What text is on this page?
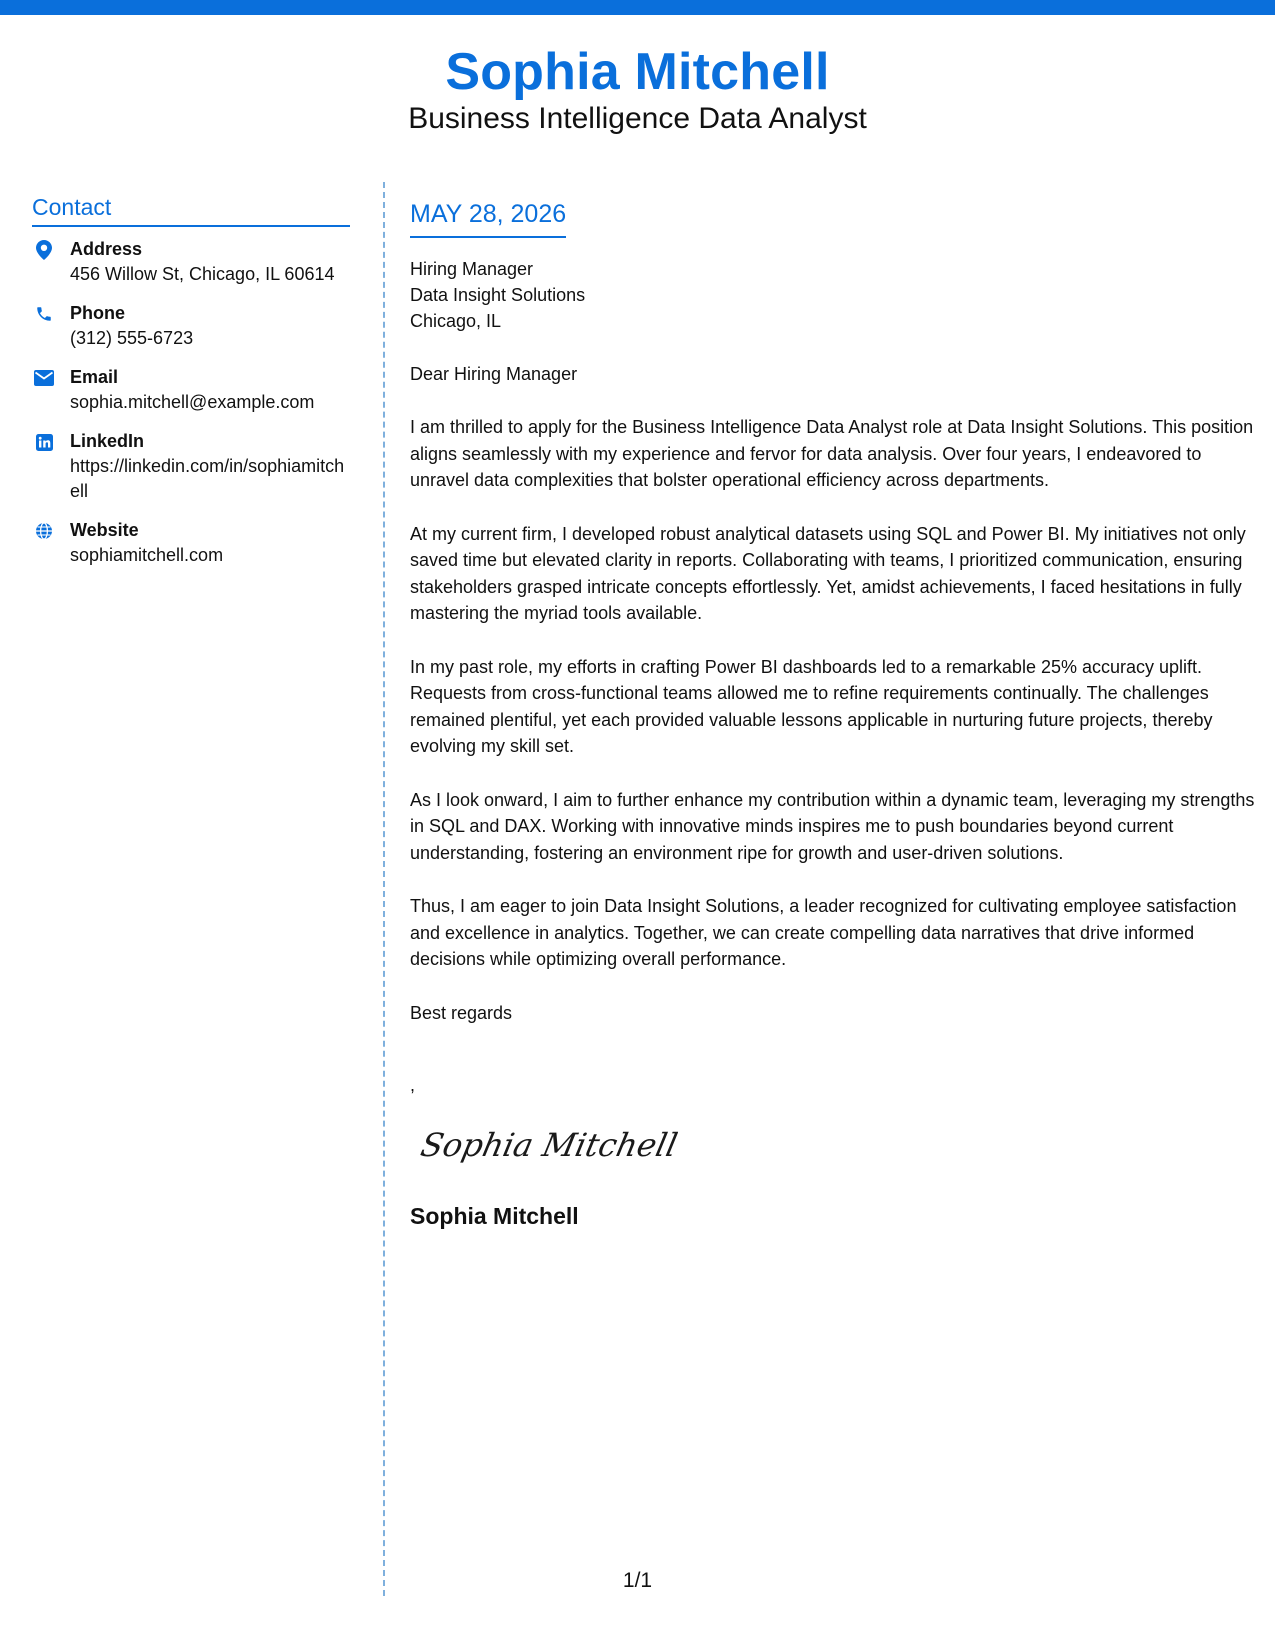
Sophia Mitchell
Business Intelligence Data Analyst
Contact
Address
456 Willow St, Chicago, IL 60614
Phone
(312) 555-6723
Email
sophia.mitchell@example.com
LinkedIn
https://linkedin.com/in/sophiamitchell
Website
sophiamitchell.com
MAY 28, 2026
Hiring Manager
Data Insight Solutions
Chicago, IL
Dear Hiring Manager
I am thrilled to apply for the Business Intelligence Data Analyst role at Data Insight Solutions. This position aligns seamlessly with my experience and fervor for data analysis. Over four years, I endeavored to unravel data complexities that bolster operational efficiency across departments.
At my current firm, I developed robust analytical datasets using SQL and Power BI. My initiatives not only saved time but elevated clarity in reports. Collaborating with teams, I prioritized communication, ensuring stakeholders grasped intricate concepts effortlessly. Yet, amidst achievements, I faced hesitations in fully mastering the myriad tools available.
In my past role, my efforts in crafting Power BI dashboards led to a remarkable 25% accuracy uplift. Requests from cross-functional teams allowed me to refine requirements continually. The challenges remained plentiful, yet each provided valuable lessons applicable in nurturing future projects, thereby evolving my skill set.
As I look onward, I aim to further enhance my contribution within a dynamic team, leveraging my strengths in SQL and DAX. Working with innovative minds inspires me to push boundaries beyond current understanding, fostering an environment ripe for growth and user-driven solutions.
Thus, I am eager to join Data Insight Solutions, a leader recognized for cultivating employee satisfaction and excellence in analytics. Together, we can create compelling data narratives that drive informed decisions while optimizing overall performance.
Best regards
,
Sophia Mitchell
Sophia Mitchell
1/1
